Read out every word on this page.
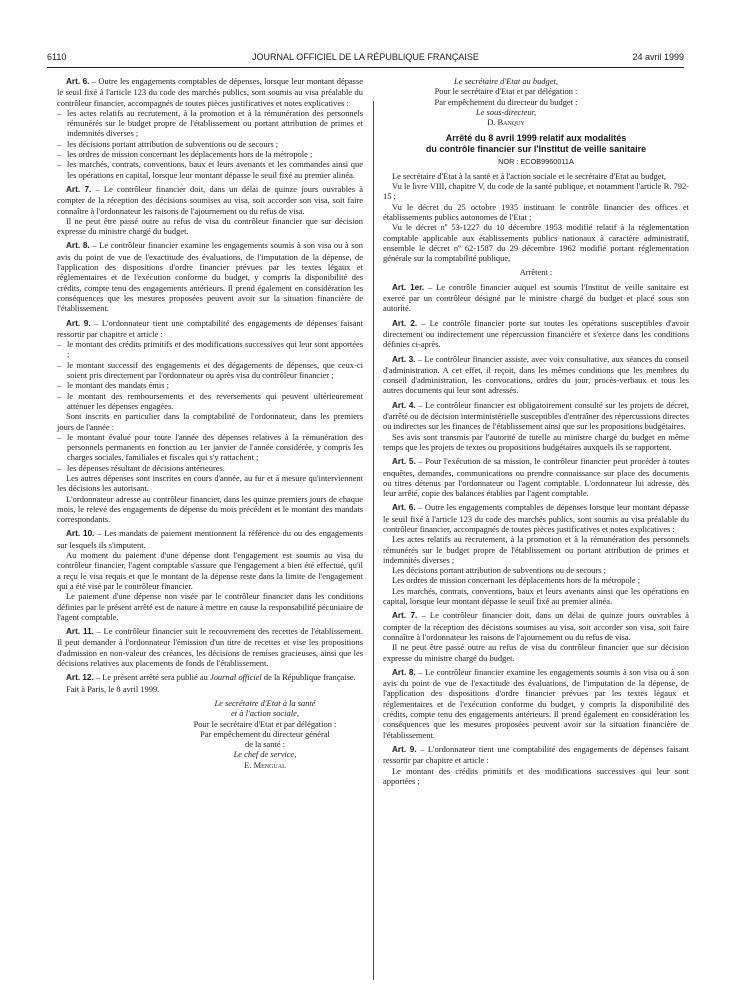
6110	JOURNAL OFFICIEL DE LA RÉPUBLIQUE FRANÇAISE	24 avril 1999

Art. 6. – Outre les engagements comptables de dépenses, lorsque leur montant dépasse le seuil fixé à l'article 123 du code des marchés publics, sont soumis au visa préalable du contrôleur financier, accompagnés de toutes pièces justificatives et notes explicatives :

– les actes relatifs au recrutement, à la promotion et à la rémunération des personnels rémunérés sur le budget propre de l'établissement ou portant attribution de primes et indemnités diverses ;
– les décisions portant attribution de subventions ou de secours ;
– les ordres de mission concernant les déplacements hors de la métropole ;
– les marchés, contrats, conventions, baux et leurs avenants et les commandes ainsi que les opérations en capital, lorsque leur montant dépasse le seuil fixé au premier alinéa.

Art. 7. – Le contrôleur financier doit, dans un délai de quinze jours ouvrables à compter de la réception des décisions soumises au visa, soit accorder son visa, soit faire connaître à l'ordonnateur les raisons de l'ajournement ou du refus de visa.

Il ne peut être passé outre au refus de visa du contrôleur financier que sur décision expresse du ministre chargé du budget.

Art. 8. – Le contrôleur financier examine les engagements soumis à son visa ou à son avis du point de vue de l'exactitude des évaluations, de l'imputation de la dépense, de l'application des dispositions d'ordre financier prévues par les textes légaux et réglementaires et de l'exécution conforme du budget, y compris la disponibilité des crédits, compte tenu des engagements antérieurs. Il prend également en considération les conséquences que les mesures proposées peuvent avoir sur la situation financière de l'établissement.

Art. 9. – L'ordonnateur tient une comptabilité des engagements de dépenses faisant ressortir par chapitre et article :

– le montant des crédits primitifs et des modifications successives qui leur sont apportées ;
– le montant successif des engagements et des dégagements de dépenses, que ceux-ci soient pris directement par l'ordonnateur ou après visa du contrôleur financier ;
– le montant des mandats émis ;
– le montant des remboursements et des reversements qui peuvent ultérieurement atténuer les dépenses engagées.

Sont inscrits en particulier dans la comptabilité de l'ordonnateur, dans les premiers jours de l'année :

– le montant évalué pour toute l'année des dépenses relatives à la rémunération des personnels permanents en fonction au 1er janvier de l'année considérée, y compris les charges sociales, familiales et fiscales qui s'y rattachent ;
– les dépenses résultant de décisions antérieures.

Les autres dépenses sont inscrites en cours d'année, au fur et à mesure qu'interviennent les décisions les autorisant.

L'ordonnateur adresse au contrôleur financier, dans les quinze premiers jours de chaque mois, le relevé des engagements de dépense du mois précédent et le montant des mandats correspondants.

Art. 10. – Les mandats de paiement mentionnent la référence du ou des engagements sur lesquels ils s'imputent.

Au moment du paiement d'une dépense dont l'engagement est soumis au visa du contrôleur financier, l'agent comptable s'assure que l'engagement a bien été effectué, qu'il a reçu le visa requis et que le montant de la dépense reste dans la limite de l'engagement qui a été visé par le contrôleur financier.

Le paiement d'une dépense non visée par le contrôleur financier dans les conditions définies par le présent arrêté est de nature à mettre en cause la responsabilité pécuniaire de l'agent comptable.

Art. 11. – Le contrôleur financier suit le recouvrement des recettes de l'établissement. Il peut demander à l'ordonnateur l'émission d'un titre de recettes et vise les propositions d'admission en non-valeur des créances, les décisions de remises gracieuses, ainsi que les décisions relatives aux placements de fonds de l'établissement.

Art. 12. – Le présent arrêté sera publié au Journal officiel de la République française.

Fait à Paris, le 8 avril 1999.

Le secrétaire d'Etat à la santé
et à l'action sociale,
Pour le secrétaire d'Etat et par délégation :
Par empêchement du directeur général
de la santé :
Le chef de service,
E. Mengual
Le secrétaire d'Etat au budget,
Pour le secrétaire d'Etat et par délégation :
Par empêchement du directeur du budget :
Le sous-directeur,
D. Banquy
Arrêté du 8 avril 1999 relatif aux modalités
du contrôle financier sur l'Institut de veille sanitaire
NOR : ECOB9960011A

Le secrétaire d'Etat à la santé et à l'action sociale et le secrétaire d'Etat au budget,

Vu le livre VIII, chapitre V, du code de la santé publique, et notamment l'article R. 792-15 ;

Vu le décret du 25 octobre 1935 instituant le contrôle financier des offices et établissements publics autonomes de l'Etat ;

Vu le décret nº 53-1227 du 10 décembre 1953 modifié relatif à la réglementation comptable applicable aux établissements publics nationaux à caractère administratif, ensemble le décret nº 62-1587 du 29 décembre 1962 modifié portant réglementation générale sur la comptabilité publique,

Arrêtent :

Art. 1er. – Le contrôle financier auquel est soumis l'Institut de veille sanitaire est exercé par un contrôleur désigné par le ministre chargé du budget et placé sous son autorité.

Art. 2. – Le contrôle financier porte sur toutes les opérations susceptibles d'avoir directement ou indirectement une répercussion financière et s'exerce dans les conditions définies ci-après.

Art. 3. – Le contrôleur financier assiste, avec voix consultative, aux séances du conseil d'administration. A cet effet, il reçoit, dans les mêmes conditions que les membres du conseil d'administration, les convocations, ordres du jour, procès-verbaux et tous les autres documents qui leur sont adressés.

Art. 4. – Le contrôleur financier est obligatoirement consulté sur les projets de décret, d'arrêté ou de décision interministérielle susceptibles d'entraîner des répercussions directes ou indirectes sur les finances de l'établissement ainsi que sur les propositions budgétaires.

Ses avis sont transmis par l'autorité de tutelle au ministre chargé du budget en même temps que les projets de textes ou propositions budgétaires auxquels ils se rapportent.

Art. 5. – Pour l'exécution de sa mission, le contrôleur financier peut procéder à toutes enquêtes, demandes, communications ou prendre connaissance sur place des documents ou titres détenus par l'ordonnateur ou l'agent comptable. L'ordonnateur lui adresse, dès leur arrêté, copie des balances établies par l'agent comptable.

Art. 6. – Outre les engagements comptables de dépenses lorsque leur montant dépasse le seuil fixé à l'article 123 du code des marchés publics, sont soumis au visa préalable du contrôleur financier, accompagnés de toutes pièces justificatives et notes explicatives :

Les actes relatifs au recrutement, à la promotion et à la rémunération des personnels rémunérés sur le budget propre de l'établissement ou portant attribution de primes et indemnités diverses ;

Les décisions portant attribution de subventions ou de secours ;

Les ordres de mission concernant les déplacements hors de la métropole ;

Les marchés, contrats, conventions, baux et leurs avenants ainsi que les opérations en capital, lorsque leur montant dépasse le seuil fixé au premier alinéa.

Art. 7. – Le contrôleur financier doit, dans un délai de quinze jours ouvrables à compter de la réception des décisions soumises au visa, soit accorder son visa, soit faire connaître à l'ordonnateur les raisons de l'ajournement ou du refus de visa.

Il ne peut être passé outre au refus de visa du contrôleur financier que sur décision expresse du ministre chargé du budget.

Art. 8. – Le contrôleur financier examine les engagements soumis à son visa ou à son avis du point de vue de l'exactitude des évaluations, de l'imputation de la dépense, de l'application des dispositions d'ordre financier prévues par les textes légaux et réglementaires et de l'exécution conforme du budget, y compris la disponibilité des crédits, compte tenu des engagements antérieurs. Il prend également en considération les conséquences que les mesures proposées peuvent avoir sur la situation financière de l'établissement.

Art. 9. – L'ordonnateur tient une comptabilité des engagements de dépenses faisant ressortir par chapitre et article :

Le montant des crédits primitifs et des modifications successives qui leur sont apportées ;
